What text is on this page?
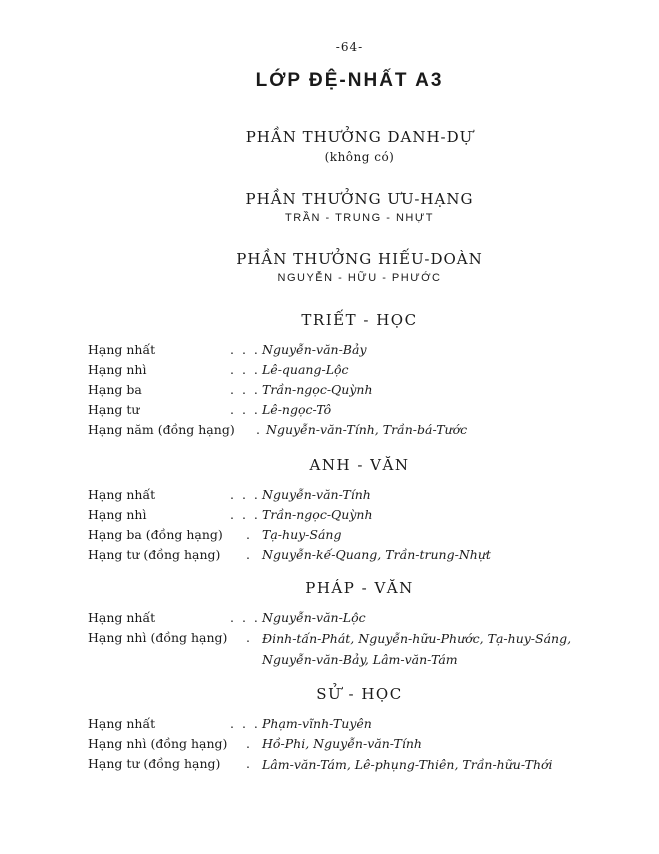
-64-
LỚP ĐỆ-NHẤT A3
PHẦN THƯỞNG DANH-DỰ
(không có)
PHẦN THƯỞNG ƯU-HẠNG
TRẦN - TRUNG - NHỰT
PHẦN THƯỞNG HIẾU-DOÀN
NGUYỄN - HỮU - PHƯỚC
TRIẾT - HỌC
Hạng nhất	. . . Nguyễn-văn-Bảy
Hạng nhì	. . . Lê-quang-Lộc
Hạng ba	. . . Trần-ngọc-Quỳnh
Hạng tư	. . . Lê-ngọc-Tô
Hạng năm (đồng hạng)	. Nguyễn-văn-Tính, Trần-bá-Tước
ANH - VĂN
Hạng nhất	. . . Nguyễn-văn-Tính
Hạng nhì	. . . Trần-ngọc-Quỳnh
Hạng ba (đồng hạng)	. Tạ-huy-Sáng
Hạng tư (đồng hạng)	. Nguyễn-kế-Quang, Trần-trung-Nhựt
PHÁP - VĂN
Hạng nhất	. . . Nguyễn-văn-Lộc
Hạng nhì (đồng hạng)	. Đinh-tấn-Phát, Nguyễn-hữu-Phước, Tạ-huy-Sáng, Nguyễn-văn-Bảy, Lâm-văn-Tám
SỬ - HỌC
Hạng nhất	. . . Phạm-vĩnh-Tuyên
Hạng nhì (đồng hạng)	. Hồ-Phi, Nguyễn-văn-Tính
Hạng tư (đồng hạng)	. Lâm-văn-Tám, Lê-phụng-Thiên, Trần-hữu-Thới
